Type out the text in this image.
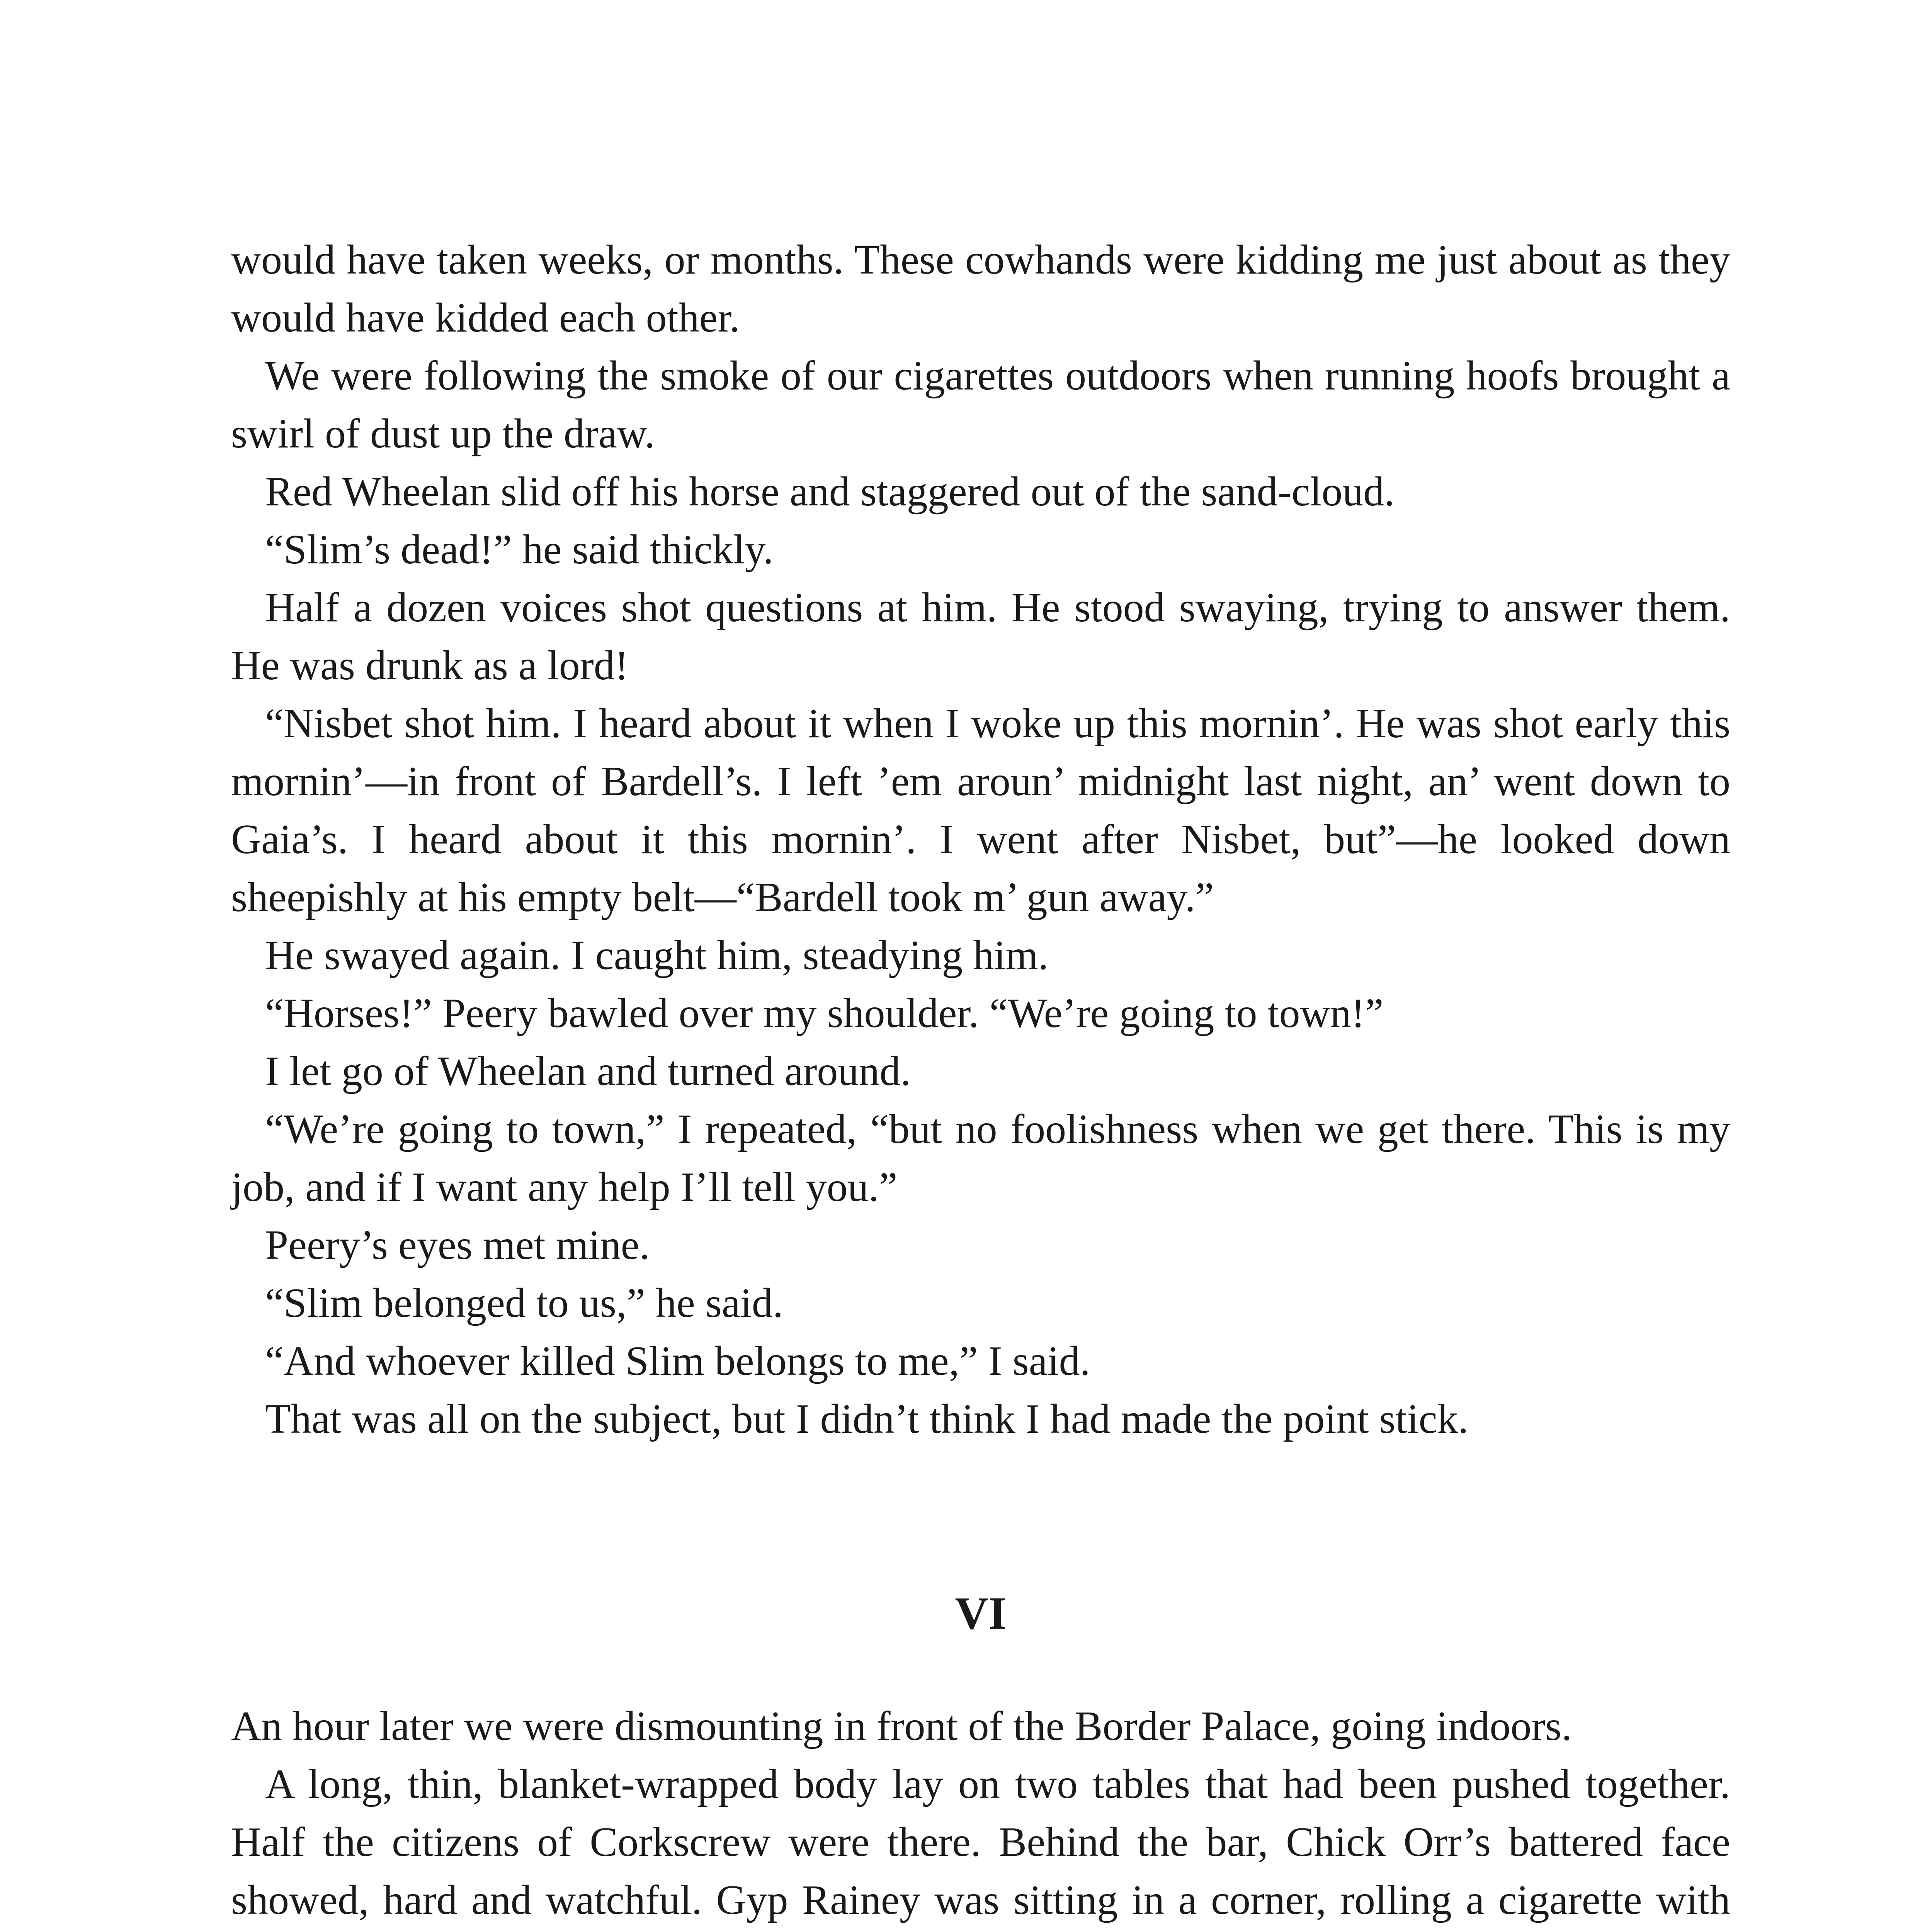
would have taken weeks, or months. These cowhands were kidding me just about as they would have kidded each other.

We were following the smoke of our cigarettes outdoors when running hoofs brought a swirl of dust up the draw.

Red Wheelan slid off his horse and staggered out of the sand-cloud.

“Slim’s dead!” he said thickly.

Half a dozen voices shot questions at him. He stood swaying, trying to answer them. He was drunk as a lord!

“Nisbet shot him. I heard about it when I woke up this mornin’. He was shot early this mornin’—in front of Bardell’s. I left ’em aroun’ midnight last night, an’ went down to Gaia’s. I heard about it this mornin’. I went after Nisbet, but”—he looked down sheepishly at his empty belt—“Bardell took m’ gun away.”

He swayed again. I caught him, steadying him.

“Horses!” Peery bawled over my shoulder. “We’re going to town!”

I let go of Wheelan and turned around.

“We’re going to town,” I repeated, “but no foolishness when we get there. This is my job, and if I want any help I’ll tell you.”

Peery’s eyes met mine.

“Slim belonged to us,” he said.

“And whoever killed Slim belongs to me,” I said.

That was all on the subject, but I didn’t think I had made the point stick.

VI

An hour later we were dismounting in front of the Border Palace, going indoors.

A long, thin, blanket-wrapped body lay on two tables that had been pushed together. Half the citizens of Corkscrew were there. Behind the bar, Chick Orr’s battered face showed, hard and watchful. Gyp Rainey was sitting in a corner, rolling a cigarette with
